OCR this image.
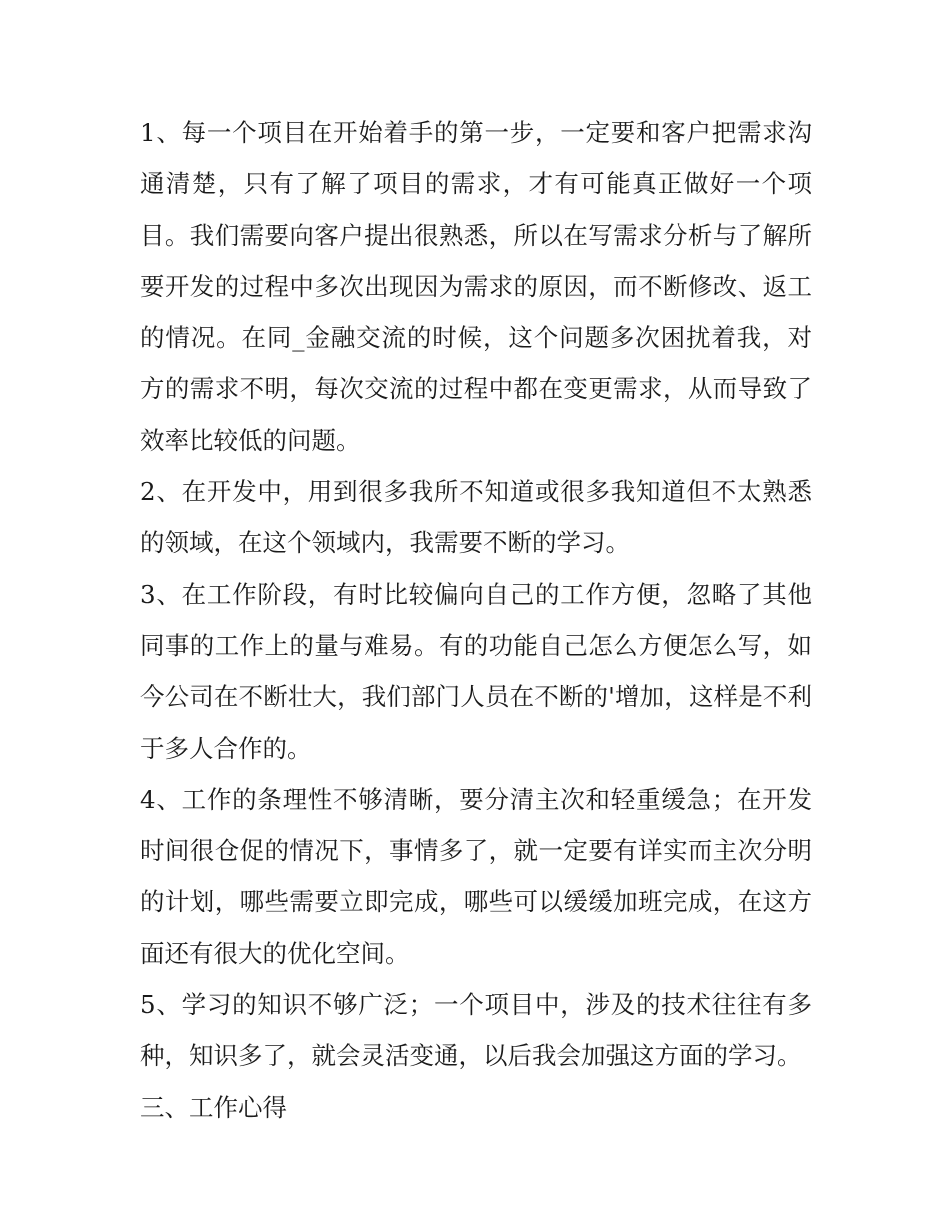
1、每一个项目在开始着手的第一步，一定要和客户把需求沟通清楚，只有了解了项目的需求，才有可能真正做好一个项目。我们需要向客户提出很熟悉，所以在写需求分析与了解所要开发的过程中多次出现因为需求的原因，而不断修改、返工的情况。在同_金融交流的时候，这个问题多次困扰着我，对方的需求不明，每次交流的过程中都在变更需求，从而导致了效率比较低的问题。

2、在开发中，用到很多我所不知道或很多我知道但不太熟悉的领域，在这个领域内，我需要不断的学习。

3、在工作阶段，有时比较偏向自己的工作方便，忽略了其他同事的工作上的量与难易。有的功能自己怎么方便怎么写，如今公司在不断壮大，我们部门人员在不断的'增加，这样是不利于多人合作的。

4、工作的条理性不够清晰，要分清主次和轻重缓急；在开发时间很仓促的情况下，事情多了，就一定要有详实而主次分明的计划，哪些需要立即完成，哪些可以缓缓加班完成，在这方面还有很大的优化空间。

5、学习的知识不够广泛；一个项目中，涉及的技术往往有多种，知识多了，就会灵活变通，以后我会加强这方面的学习。

三、工作心得
